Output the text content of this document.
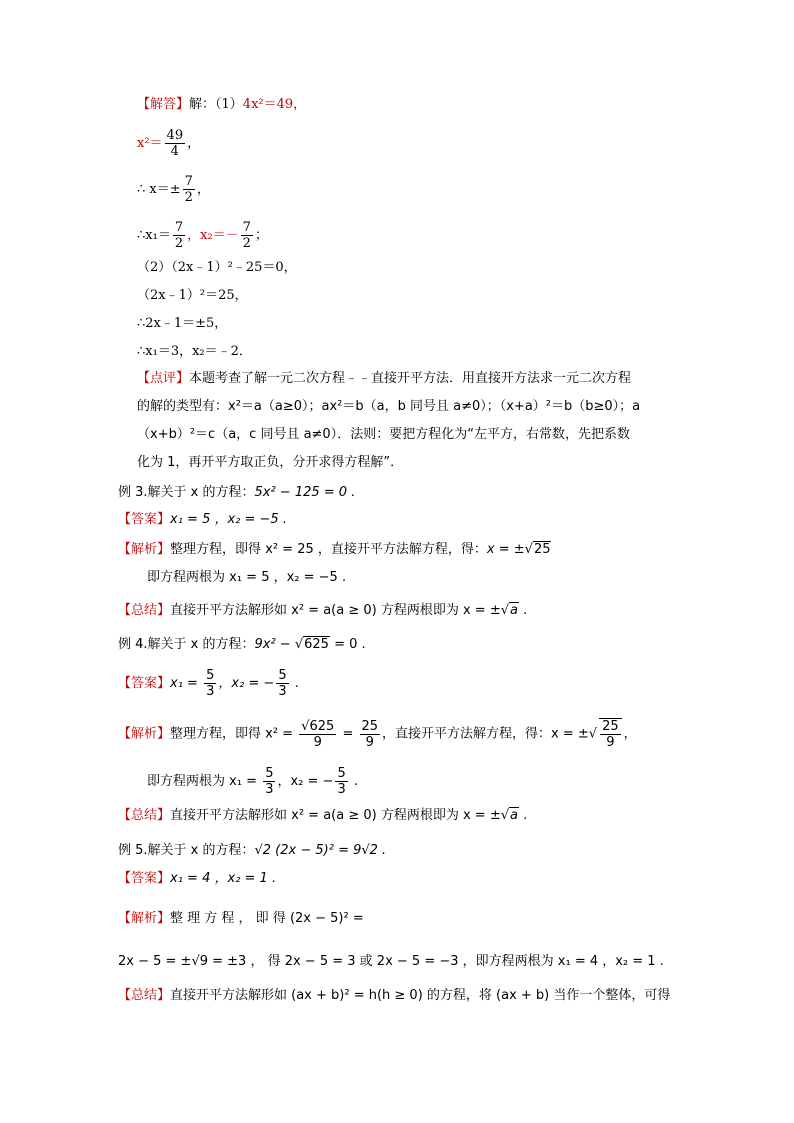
【解答】解：（1）4x²＝49，
$x^2= \frac{49}{4}$ ，
∴ $x=\pm \frac{7}{2}$ ，
∴x₁＝ $\frac{7}{2}$ ，$x_2=- \frac{7}{2}$ ；
（2）（2x﹣1）²﹣25＝0，
（2x﹣1）²＝25，
∴2x﹣1＝±5，
∴x₁＝3，x₂＝﹣2．
【点评】本题考查了解一元二次方程﹣﹣直接开平方法．用直接开方法求一元二次方程
的解的类型有：x²＝a（a≥0）；ax²＝b（a，b 同号且 a≠0）；（x+a）²＝b（b≥0）；a
（x+b）²＝c（a，c 同号且 a≠0）．法则：要把方程化为“左平方，右常数，先把系数
化为 1，再开平方取正负，分开求得方程解”．
例 3.解关于 x 的方程：5x² − 125 = 0 .
【答案】x₁ = 5 ，x₂ = −5 .
【解析】整理方程，即得 x² = 25 ，直接开平方法解方程，得：x = ±√25
即方程两根为 x₁ = 5 ，x₂ = −5 .
【总结】直接开平方法解形如 x² = a(a ≥ 0) 方程两根即为 x = ±√a .
例 4.解关于 x 的方程：9x² − √625 = 0 .
【答案】$x_1 = \frac{5}{3}$ ，x₂ = − $\frac{5}{3}$ .
【解析】整理方程，即得 $x^2 = \frac{√625}{9} = \frac{25}{9}$ ，直接开平方法解方程，得：x = ±√ $\frac{25}{9}$ ，
即方程两根为 $x_1 = \frac{5}{3}$ ，x₂ = − $\frac{5}{3}$ .
【总结】直接开平方法解形如 x² = a(a ≥ 0) 方程两根即为 x = ±√a .
例 5.解关于 x 的方程：√2 (2x − 5)² = 9√2 .
【答案】x₁ = 4 ，x₂ = 1 .
【解析】整 理 方 程 ， 即 得 (2x − 5)² =
2x − 5 = ±√9 = ±3 ， 得 2x − 5 = 3 或 2x − 5 = −3 ，即方程两根为 x₁ = 4 ，x₂ = 1 .
【总结】直接开平方法解形如 (ax + b)² = h(h ≥ 0) 的方程，将 (ax + b) 当作一个整体，可得
